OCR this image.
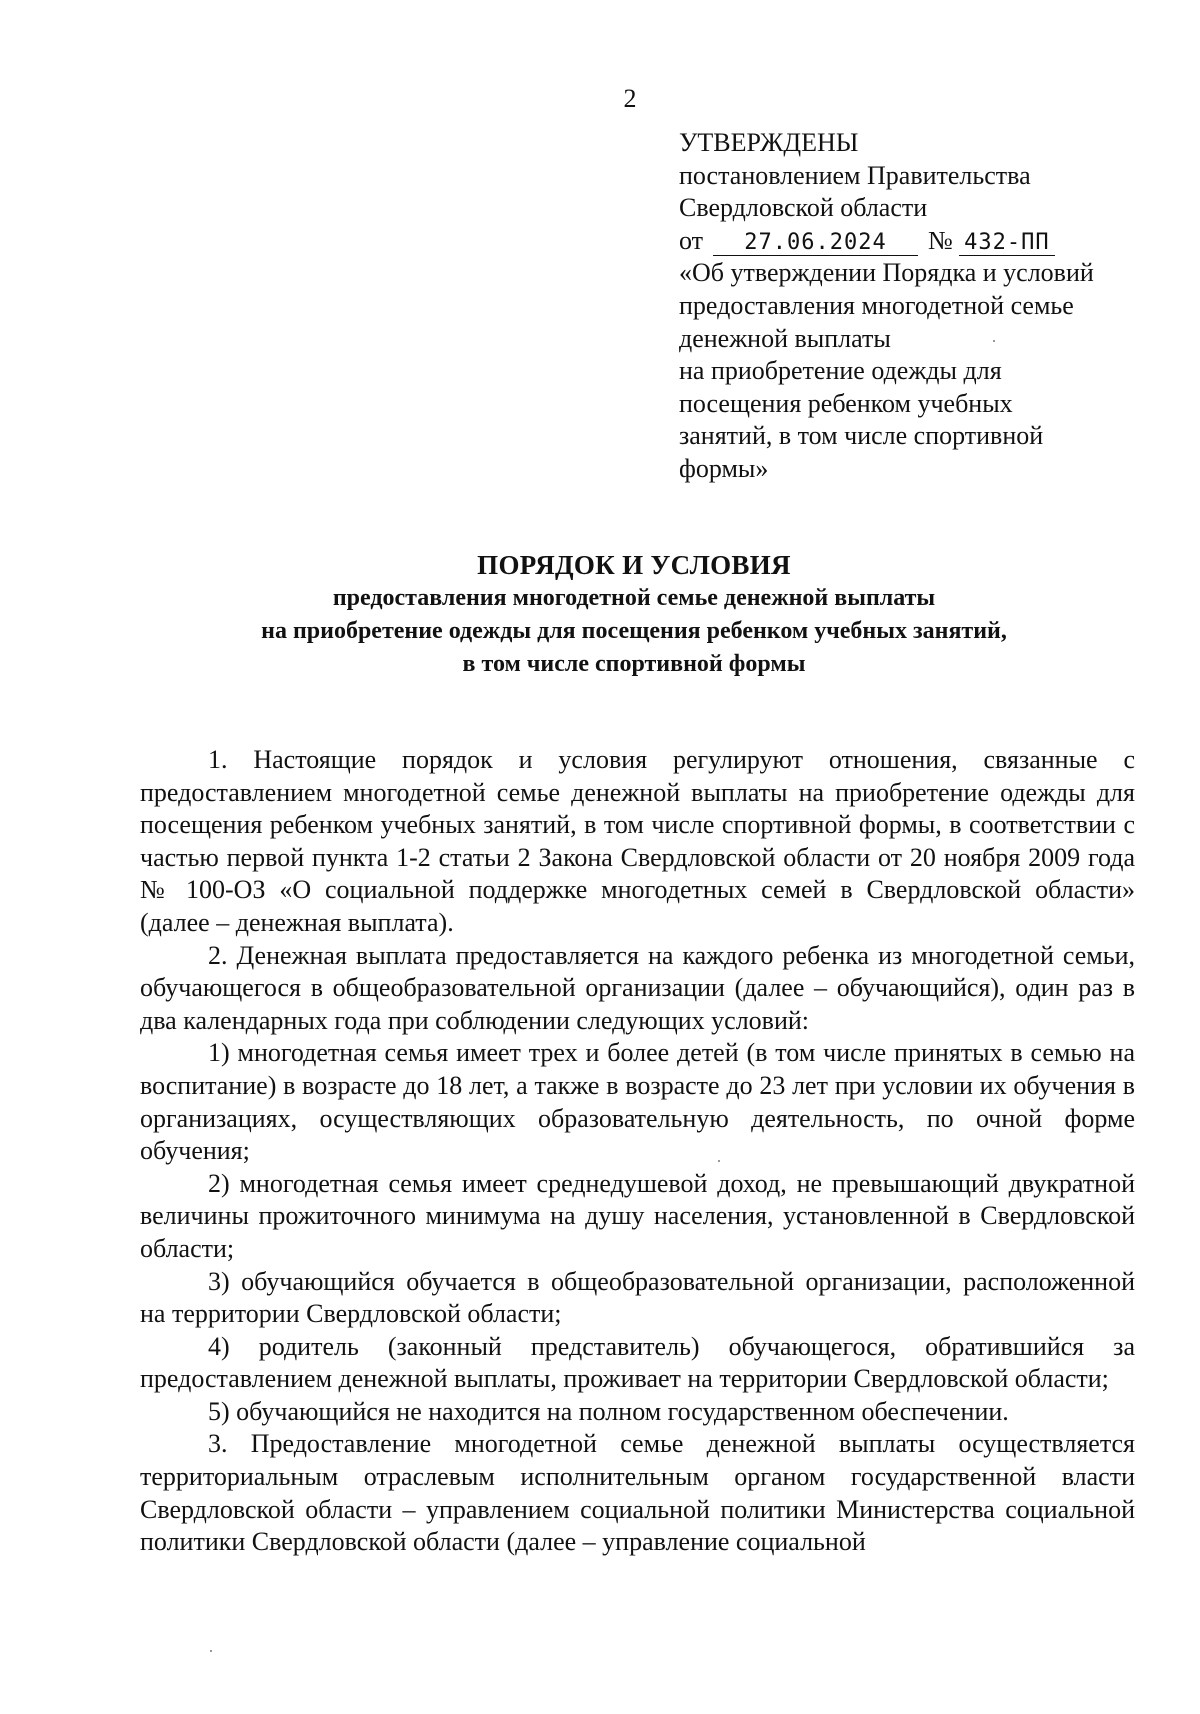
2
УТВЕРЖДЕНЫ
постановлением Правительства
Свердловской области
от	27.06.2024	№ 432-ПП
«Об утверждении Порядка и условий
предоставления многодетной семье
денежной выплаты
на приобретение одежды для
посещения ребенком учебных
занятий, в том числе спортивной
формы»
ПОРЯДОК И УСЛОВИЯ
предоставления многодетной семье денежной выплаты
на приобретение одежды для посещения ребенком учебных занятий,
в том числе спортивной формы

1. Настоящие порядок и условия регулируют отношения, связанные с предоставлением многодетной семье денежной выплаты на приобретение одежды для посещения ребенком учебных занятий, в том числе спортивной формы, в соответствии с частью первой пункта 1-2 статьи 2 Закона Свердловской области от 20 ноября 2009 года № 100-ОЗ «О социальной поддержке многодетных семей в Свердловской области» (далее – денежная выплата).

2. Денежная выплата предоставляется на каждого ребенка из многодетной семьи, обучающегося в общеобразовательной организации (далее – обучающийся), один раз в два календарных года при соблюдении следующих условий:

1) многодетная семья имеет трех и более детей (в том числе принятых в семью на воспитание) в возрасте до 18 лет, а также в возрасте до 23 лет при условии их обучения в организациях, осуществляющих образовательную деятельность, по очной форме обучения;

2) многодетная семья имеет среднедушевой доход, не превышающий двукратной величины прожиточного минимума на душу населения, установленной в Свердловской области;

3) обучающийся обучается в общеобразовательной организации, расположенной на территории Свердловской области;

4) родитель (законный представитель) обучающегося, обратившийся за предоставлением денежной выплаты, проживает на территории Свердловской области;

5) обучающийся не находится на полном государственном обеспечении.

3. Предоставление многодетной семье денежной выплаты осуществляется территориальным отраслевым исполнительным органом государственной власти Свердловской области – управлением социальной политики Министерства социальной политики Свердловской области (далее – управление социальной
